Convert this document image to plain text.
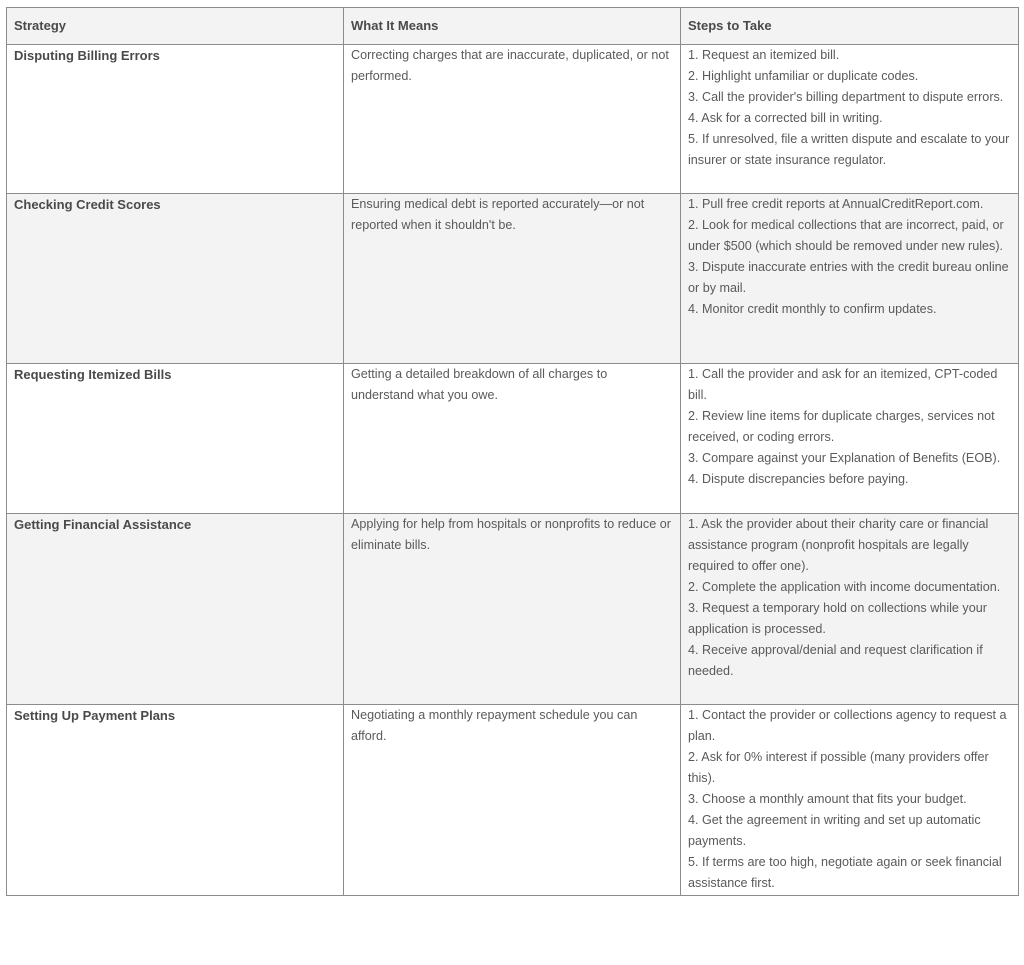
Strategy	What It Means	Steps to Take
Disputing Billing Errors	Correcting charges that are inaccurate, duplicated, or not performed.	1. Request an itemized bill.
2. Highlight unfamiliar or duplicate codes.
3. Call the provider's billing department to dispute errors.
4. Ask for a corrected bill in writing.
5. If unresolved, file a written dispute and escalate to your insurer or state insurance regulator.

Checking Credit Scores	Ensuring medical debt is reported accurately—or not reported when it shouldn't be.	1. Pull free credit reports at AnnualCreditReport.com.
2. Look for medical collections that are incorrect, paid, or under $500 (which should be removed under new rules).
3. Dispute inaccurate entries with the credit bureau online or by mail.
4. Monitor credit monthly to confirm updates.

Requesting Itemized Bills	Getting a detailed breakdown of all charges to understand what you owe.	1. Call the provider and ask for an itemized, CPT-coded bill.
2. Review line items for duplicate charges, services not received, or coding errors.
3. Compare against your Explanation of Benefits (EOB).
4. Dispute discrepancies before paying.

Getting Financial Assistance	Applying for help from hospitals or nonprofits to reduce or eliminate bills.	1. Ask the provider about their charity care or financial assistance program (nonprofit hospitals are legally required to offer one).
2. Complete the application with income documentation.
3. Request a temporary hold on collections while your application is processed.
4. Receive approval/denial and request clarification if needed.

Setting Up Payment Plans	Negotiating a monthly repayment schedule you can afford.	1. Contact the provider or collections agency to request a plan.
2. Ask for 0% interest if possible (many providers offer this).
3. Choose a monthly amount that fits your budget.
4. Get the agreement in writing and set up automatic payments.
5. If terms are too high, negotiate again or seek financial assistance first.
